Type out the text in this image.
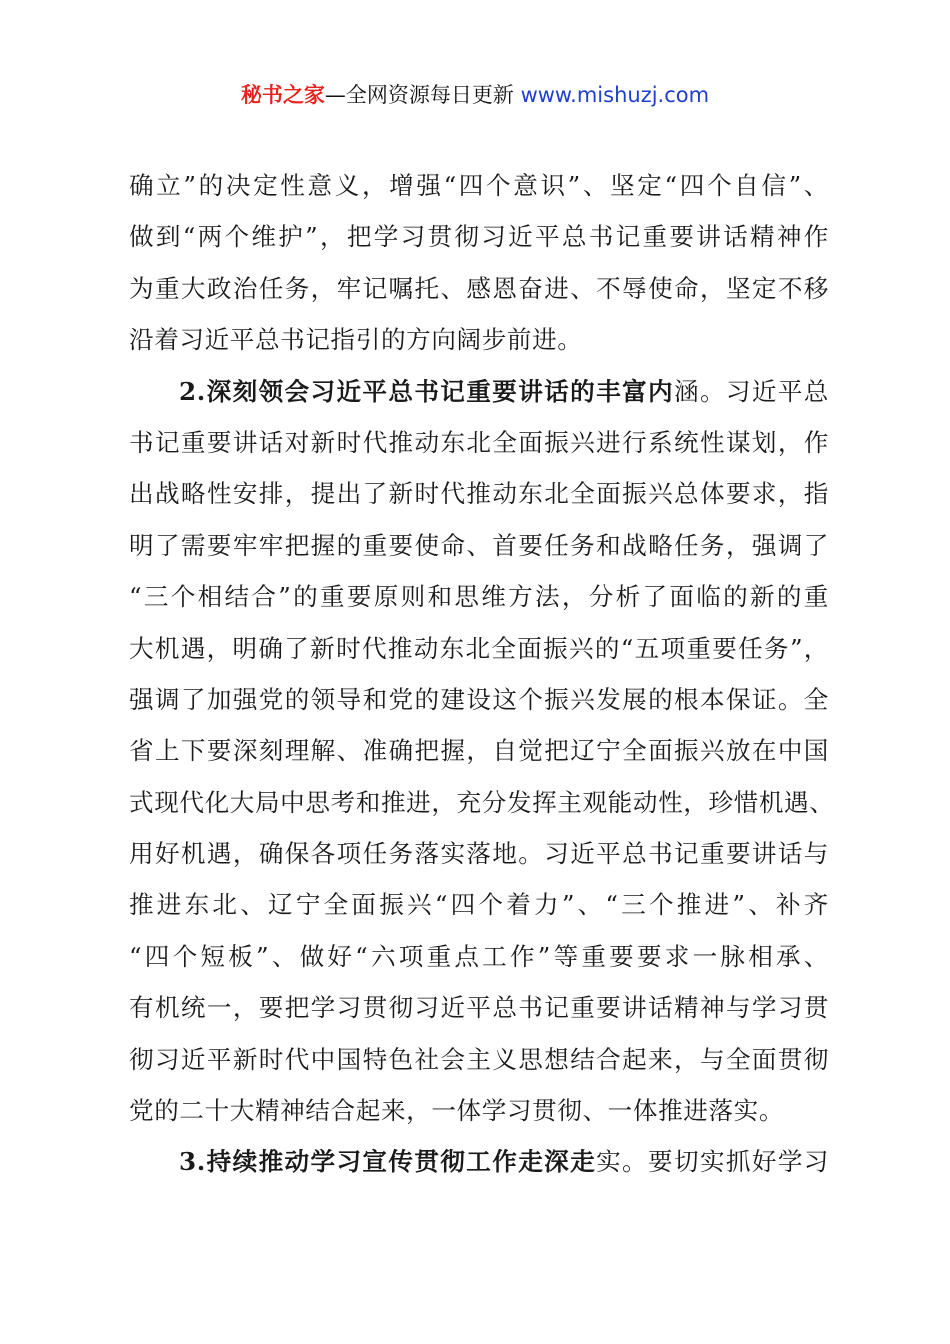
秘书之家—全网资源每日更新 www.mishuzj.com
确立”的决定性意义，增强“四个意识”、坚定“四个自信”、
做到“两个维护”，把学习贯彻习近平总书记重要讲话精神作
为重大政治任务，牢记嘱托、感恩奋进、不辱使命，坚定不移
沿着习近平总书记指引的方向阔步前进。
2.深刻领会习近平总书记重要讲话的丰富内涵。习近平总
书记重要讲话对新时代推动东北全面振兴进行系统性谋划，作
出战略性安排，提出了新时代推动东北全面振兴总体要求，指
明了需要牢牢把握的重要使命、首要任务和战略任务，强调了
“三个相结合”的重要原则和思维方法，分析了面临的新的重
大机遇，明确了新时代推动东北全面振兴的“五项重要任务”，
强调了加强党的领导和党的建设这个振兴发展的根本保证。全
省上下要深刻理解、准确把握，自觉把辽宁全面振兴放在中国
式现代化大局中思考和推进，充分发挥主观能动性，珍惜机遇、
用好机遇，确保各项任务落实落地。习近平总书记重要讲话与
推进东北、辽宁全面振兴“四个着力”、“三个推进”、补齐
“四个短板”、做好“六项重点工作”等重要要求一脉相承、
有机统一，要把学习贯彻习近平总书记重要讲话精神与学习贯
彻习近平新时代中国特色社会主义思想结合起来，与全面贯彻
党的二十大精神结合起来，一体学习贯彻、一体推进落实。
3.持续推动学习宣传贯彻工作走深走实。要切实抓好学习
